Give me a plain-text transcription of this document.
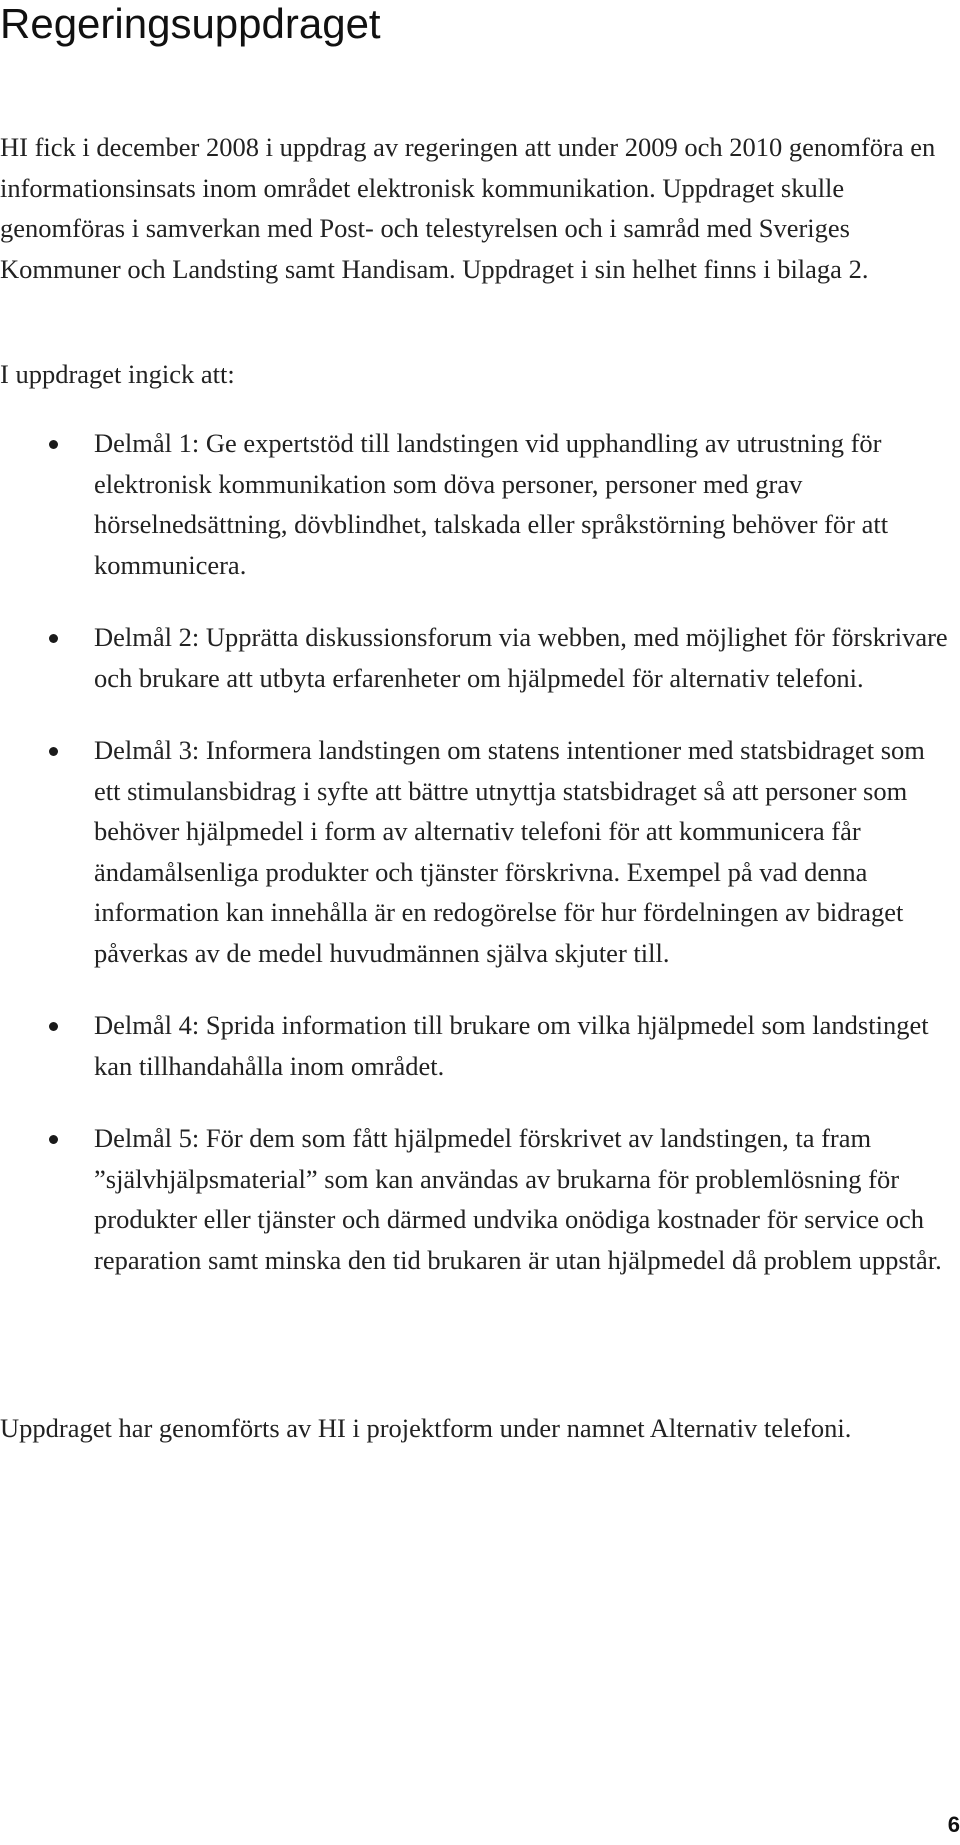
Regeringsuppdraget

HI fick i december 2008 i uppdrag av regeringen att under 2009 och 2010 genomföra en informationsinsats inom området elektronisk kommunikation. Uppdraget skulle genomföras i samverkan med Post- och telestyrelsen och i samråd med Sveriges Kommuner och Landsting samt Handisam. Uppdraget i sin helhet finns i bilaga 2.

I uppdraget ingick att:

Delmål 1: Ge expertstöd till landstingen vid upphandling av utrustning för elektronisk kommunikation som döva personer, personer med grav hörselnedsättning, dövblindhet, talskada eller språkstörning behöver för att kommunicera.

Delmål 2: Upprätta diskussionsforum via webben, med möjlighet för förskrivare och brukare att utbyta erfarenheter om hjälpmedel för alternativ telefoni.

Delmål 3: Informera landstingen om statens intentioner med statsbidraget som ett stimulansbidrag i syfte att bättre utnyttja statsbidraget så att personer som behöver hjälpmedel i form av alternativ telefoni för att kommunicera får ändamålsenliga produkter och tjänster förskrivna. Exempel på vad denna information kan innehålla är en redogörelse för hur fördelningen av bidraget påverkas av de medel huvudmännen själva skjuter till.

Delmål 4: Sprida information till brukare om vilka hjälpmedel som landstinget kan tillhandahålla inom området.

Delmål 5: För dem som fått hjälpmedel förskrivet av landstingen, ta fram ”självhjälpsmaterial” som kan användas av brukarna för problemlösning för produkter eller tjänster och därmed undvika onödiga kostnader för service och reparation samt minska den tid brukaren är utan hjälpmedel då problem uppstår.

Uppdraget har genomförts av HI i projektform under namnet Alternativ telefoni.

6
